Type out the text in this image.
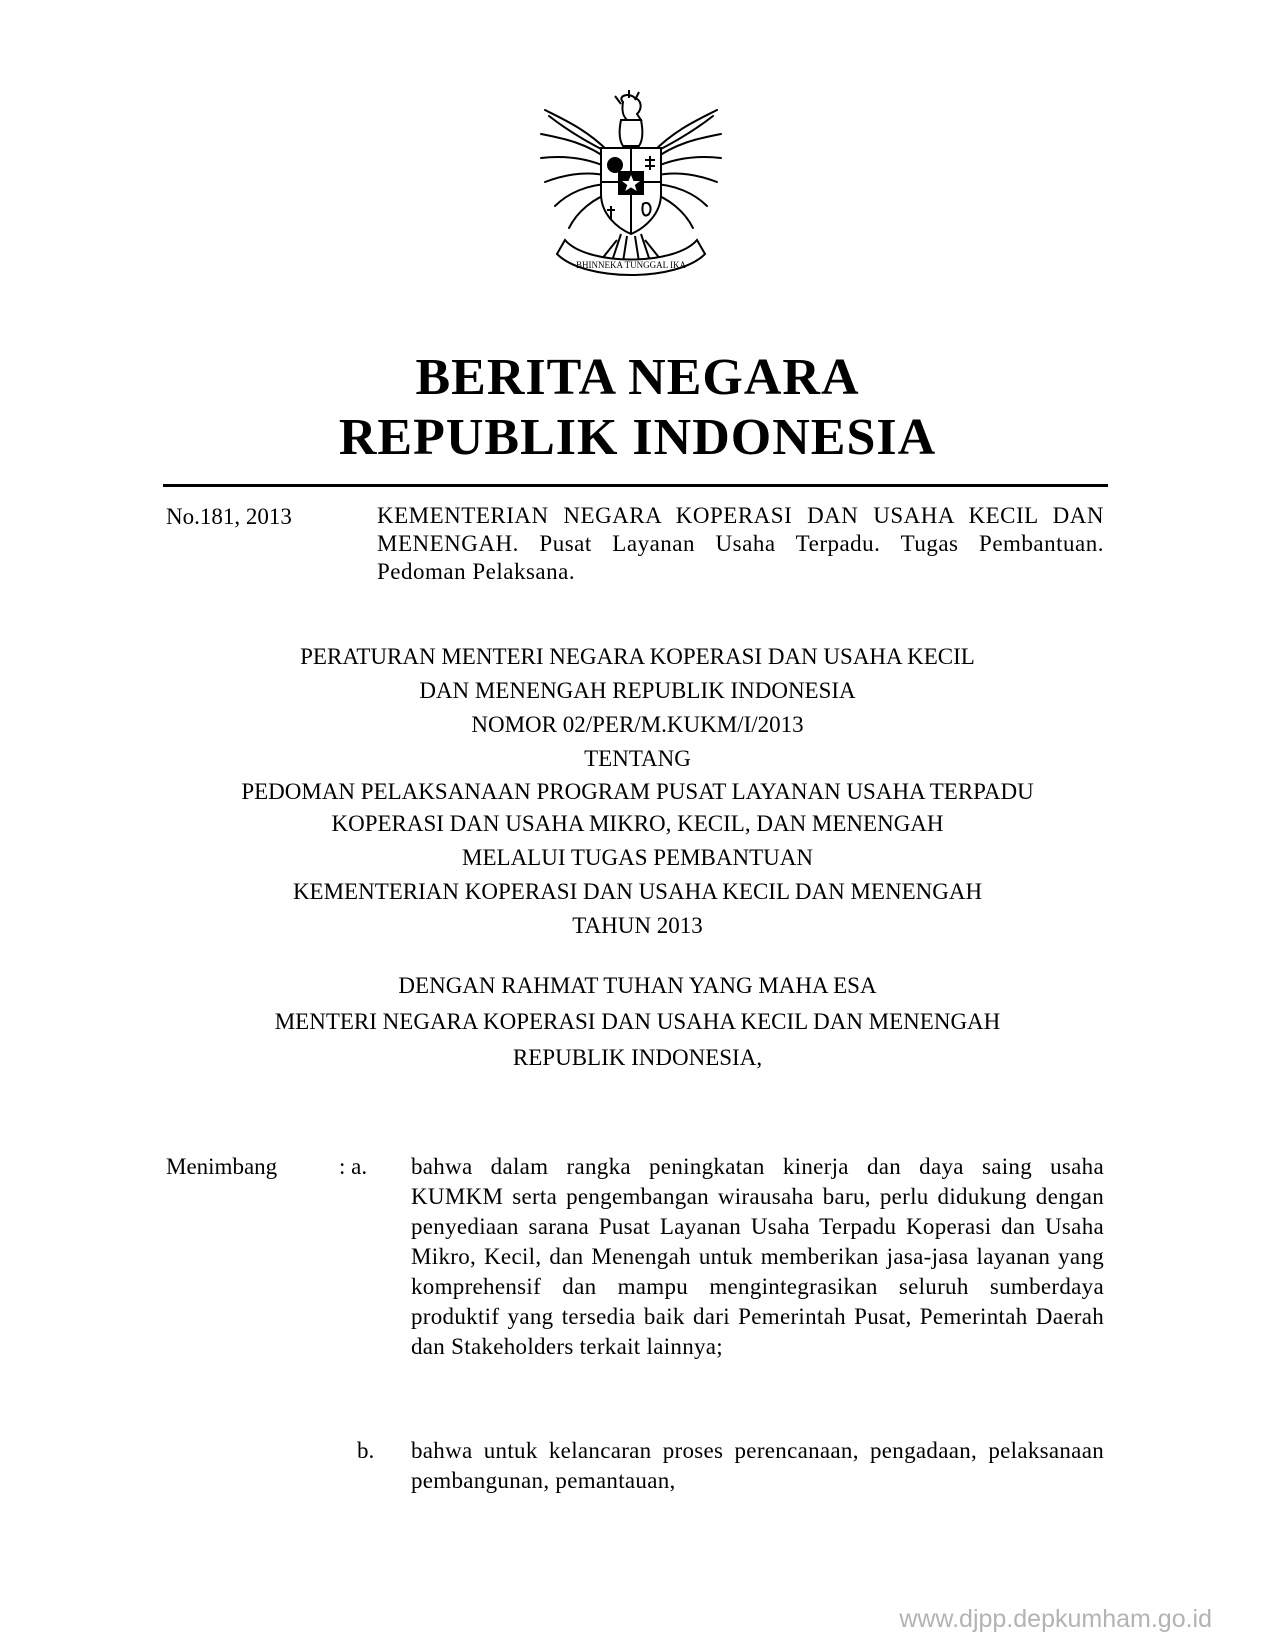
BHINNEKA TUNGGAL IKA
BERITA NEGARA
REPUBLIK INDONESIA
No.181, 2013	KEMENTERIAN NEGARA KOPERASI DAN USAHA KECIL DAN MENENGAH. Pusat Layanan Usaha Terpadu. Tugas Pembantuan. Pedoman Pelaksana.
PERATURAN MENTERI NEGARA KOPERASI DAN USAHA KECIL
DAN MENENGAH REPUBLIK INDONESIA
NOMOR 02/PER/M.KUKM/I/2013
TENTANG
PEDOMAN PELAKSANAAN PROGRAM PUSAT LAYANAN USAHA TERPADU
KOPERASI DAN USAHA MIKRO, KECIL, DAN MENENGAH
MELALUI TUGAS PEMBANTUAN
KEMENTERIAN KOPERASI DAN USAHA KECIL DAN MENENGAH
TAHUN 2013
DENGAN RAHMAT TUHAN YANG MAHA ESA
MENTERI NEGARA KOPERASI DAN USAHA KECIL DAN MENENGAH
REPUBLIK INDONESIA,
Menimbang	: a. bahwa dalam rangka peningkatan kinerja dan daya saing usaha KUMKM serta pengembangan wirausaha baru, perlu didukung dengan penyediaan sarana Pusat Layanan Usaha Terpadu Koperasi dan Usaha Mikro, Kecil, dan Menengah untuk memberikan jasa-jasa layanan yang komprehensif dan mampu mengintegrasikan seluruh sumberdaya produktif yang tersedia baik dari Pemerintah Pusat, Pemerintah Daerah dan Stakeholders terkait lainnya;
b. bahwa untuk kelancaran proses perencanaan, pengadaan, pelaksanaan pembangunan, pemantauan,
www.djpp.depkumham.go.id
